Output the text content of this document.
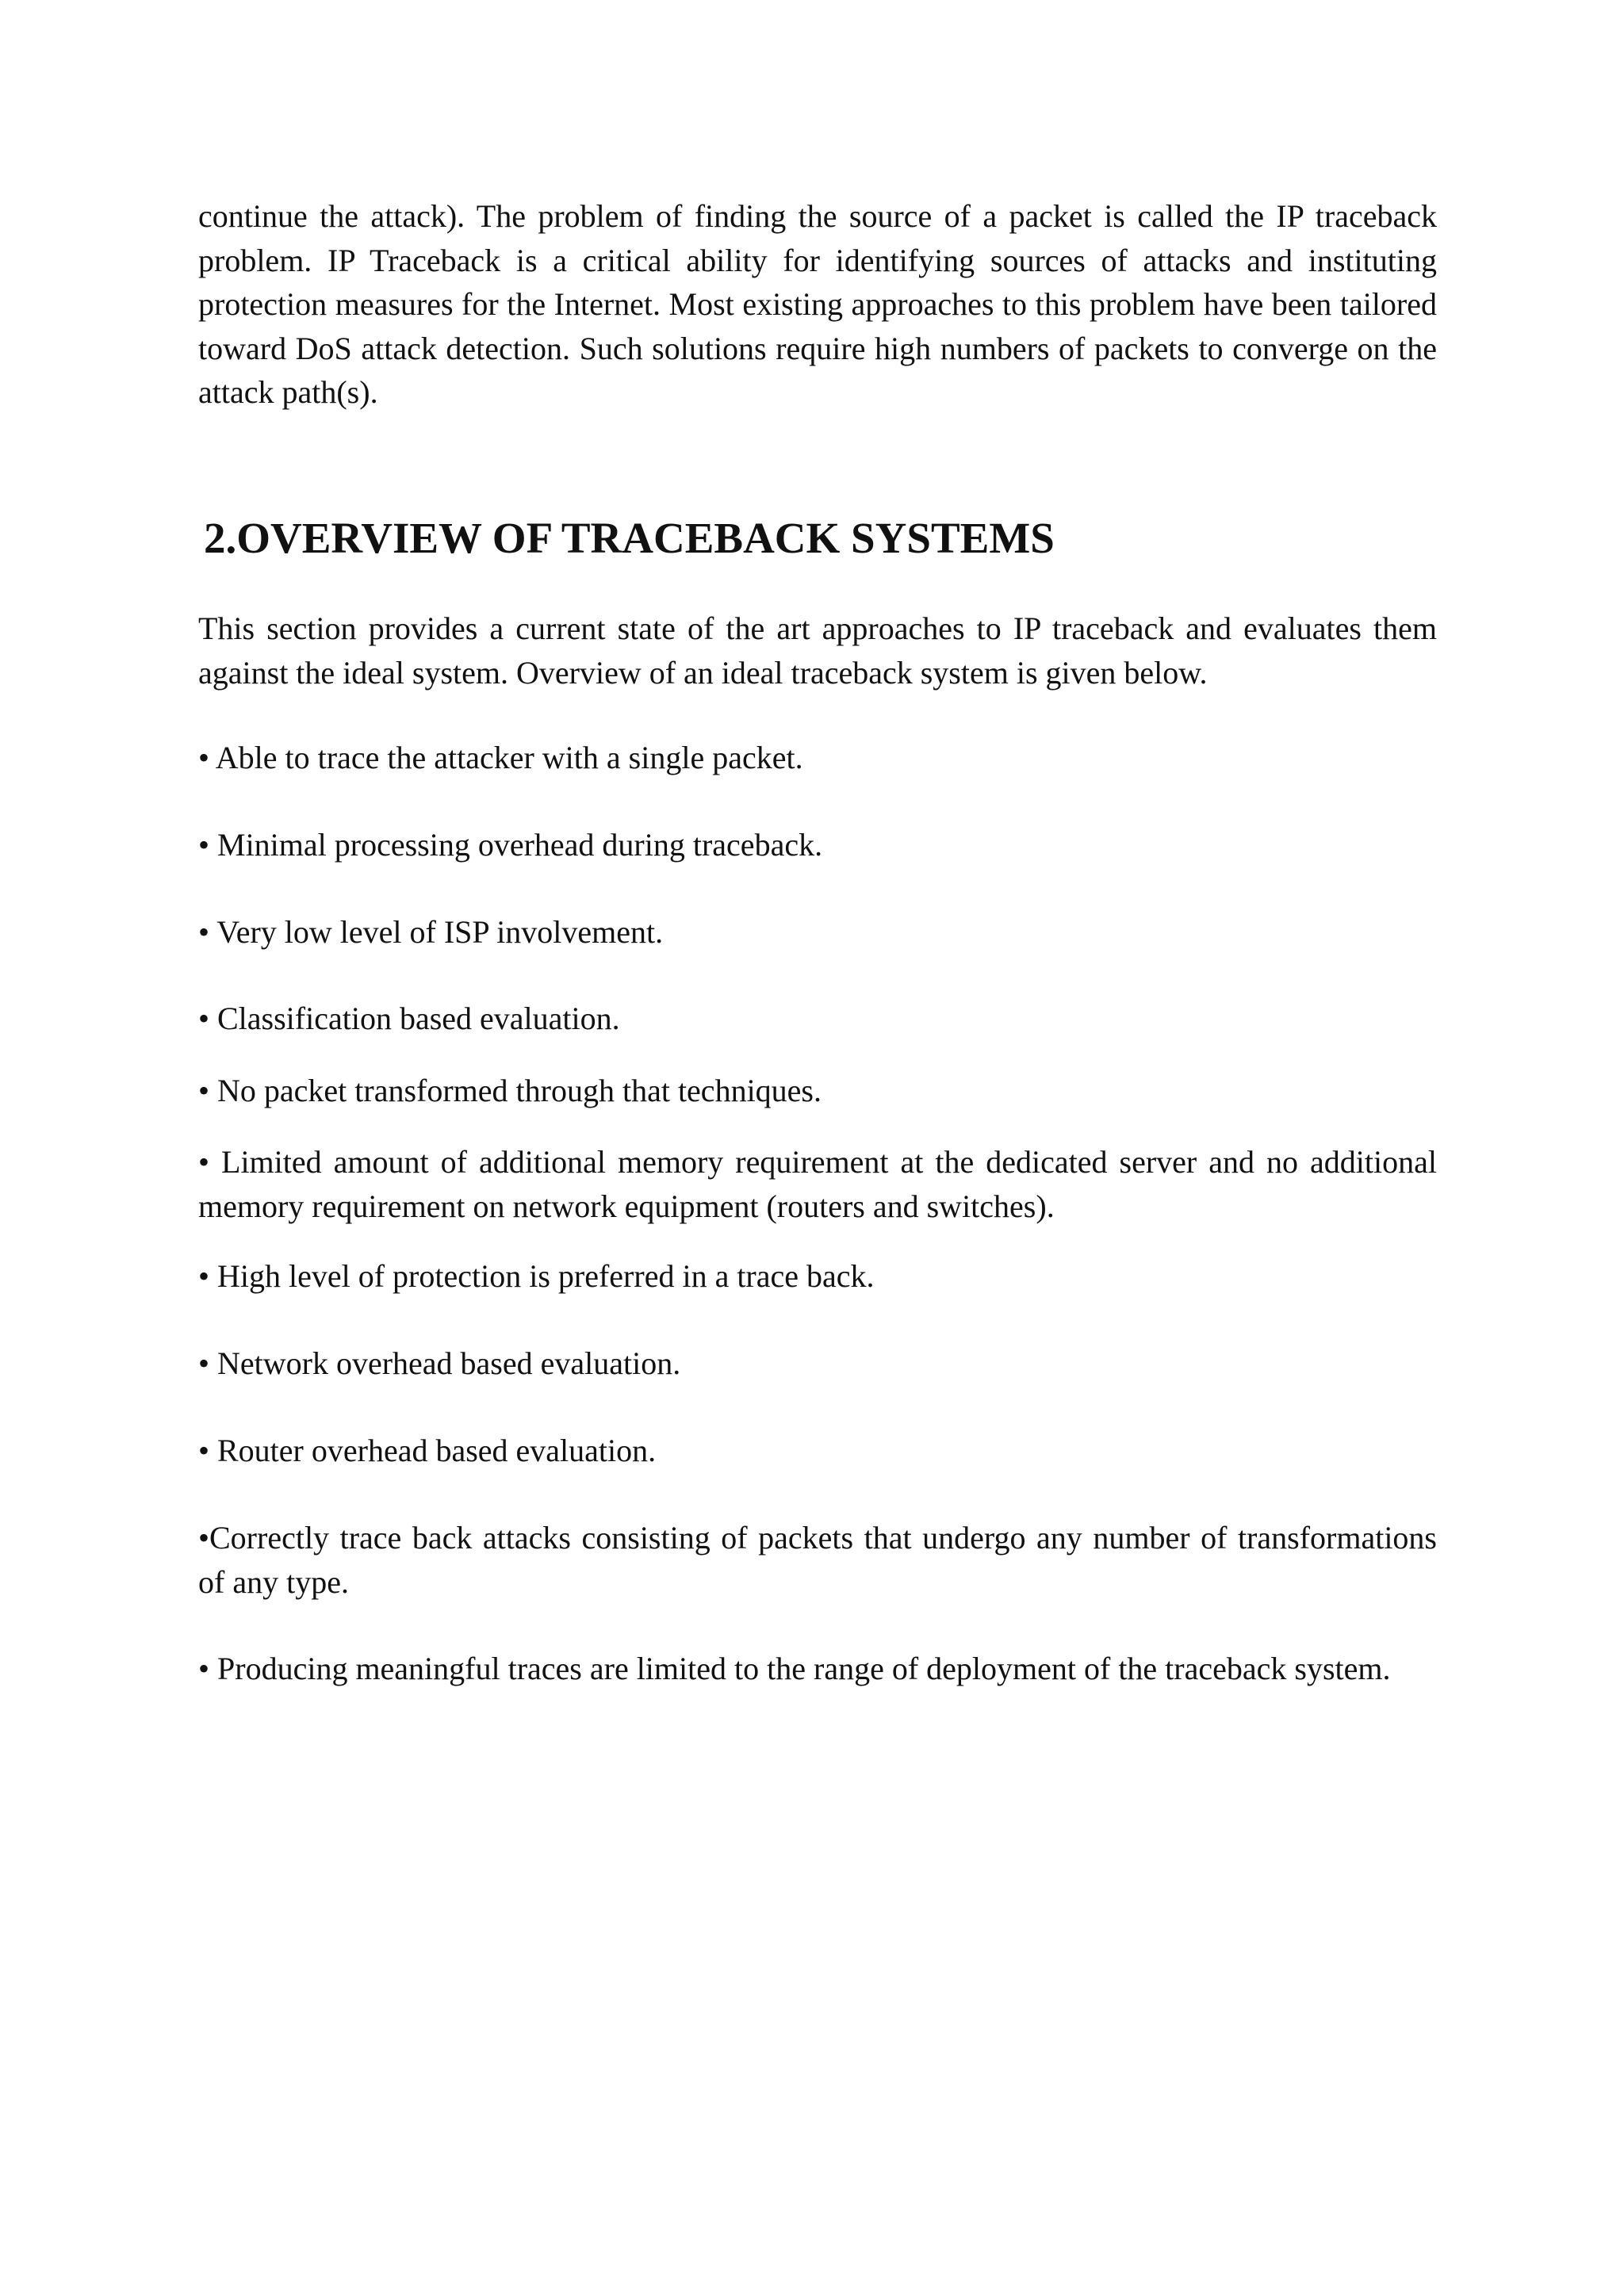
continue the attack). The problem of finding the source of a packet is called the IP traceback problem. IP Traceback is a critical ability for identifying sources of attacks and instituting protection measures for the Internet. Most existing approaches to this problem have been tailored toward DoS attack detection. Such solutions require high numbers of packets to converge on the attack path(s).

2.OVERVIEW OF TRACEBACK SYSTEMS

This section provides a current state of the art approaches to IP traceback and evaluates them against the ideal system. Overview of an ideal traceback system is given below.

• Able to trace the attacker with a single packet.

• Minimal processing overhead during traceback.

• Very low level of ISP involvement.

• Classification based evaluation.

• No packet transformed through that techniques.

• Limited amount of additional memory requirement at the dedicated server and no additional memory requirement on network equipment (routers and switches).

• High level of protection is preferred in a trace back.

• Network overhead based evaluation.

• Router overhead based evaluation.

•Correctly trace back attacks consisting of packets that undergo any number of transformations of any type.

• Producing meaningful traces are limited to the range of deployment of the traceback system.
